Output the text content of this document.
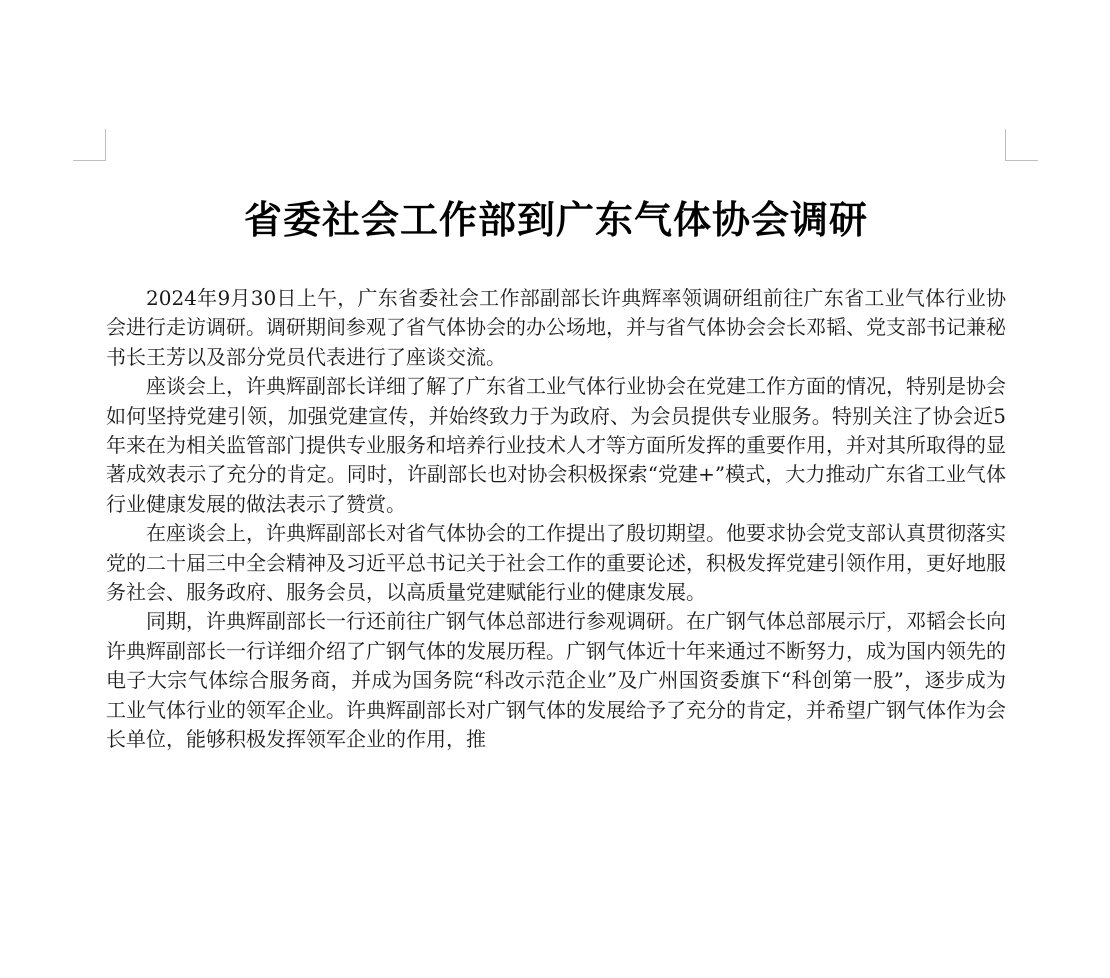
省委社会工作部到广东气体协会调研

2024年9月30日上午，广东省委社会工作部副部长许典辉率领调研组前往广东省工业气体行业协会进行走访调研。调研期间参观了省气体协会的办公场地，并与省气体协会会长邓韬、党支部书记兼秘书长王芳以及部分党员代表进行了座谈交流。

座谈会上，许典辉副部长详细了解了广东省工业气体行业协会在党建工作方面的情况，特别是协会如何坚持党建引领，加强党建宣传，并始终致力于为政府、为会员提供专业服务。特别关注了协会近5年来在为相关监管部门提供专业服务和培养行业技术人才等方面所发挥的重要作用，并对其所取得的显著成效表示了充分的肯定。同时，许副部长也对协会积极探索“党建+”模式，大力推动广东省工业气体行业健康发展的做法表示了赞赏。

在座谈会上，许典辉副部长对省气体协会的工作提出了殷切期望。他要求协会党支部认真贯彻落实党的二十届三中全会精神及习近平总书记关于社会工作的重要论述，积极发挥党建引领作用，更好地服务社会、服务政府、服务会员，以高质量党建赋能行业的健康发展。

同期，许典辉副部长一行还前往广钢气体总部进行参观调研。在广钢气体总部展示厅，邓韬会长向许典辉副部长一行详细介绍了广钢气体的发展历程。广钢气体近十年来通过不断努力，成为国内领先的电子大宗气体综合服务商，并成为国务院“科改示范企业”及广州国资委旗下“科创第一股”，逐步成为工业气体行业的领军企业。许典辉副部长对广钢气体的发展给予了充分的肯定，并希望广钢气体作为会长单位，能够积极发挥领军企业的作用，推
